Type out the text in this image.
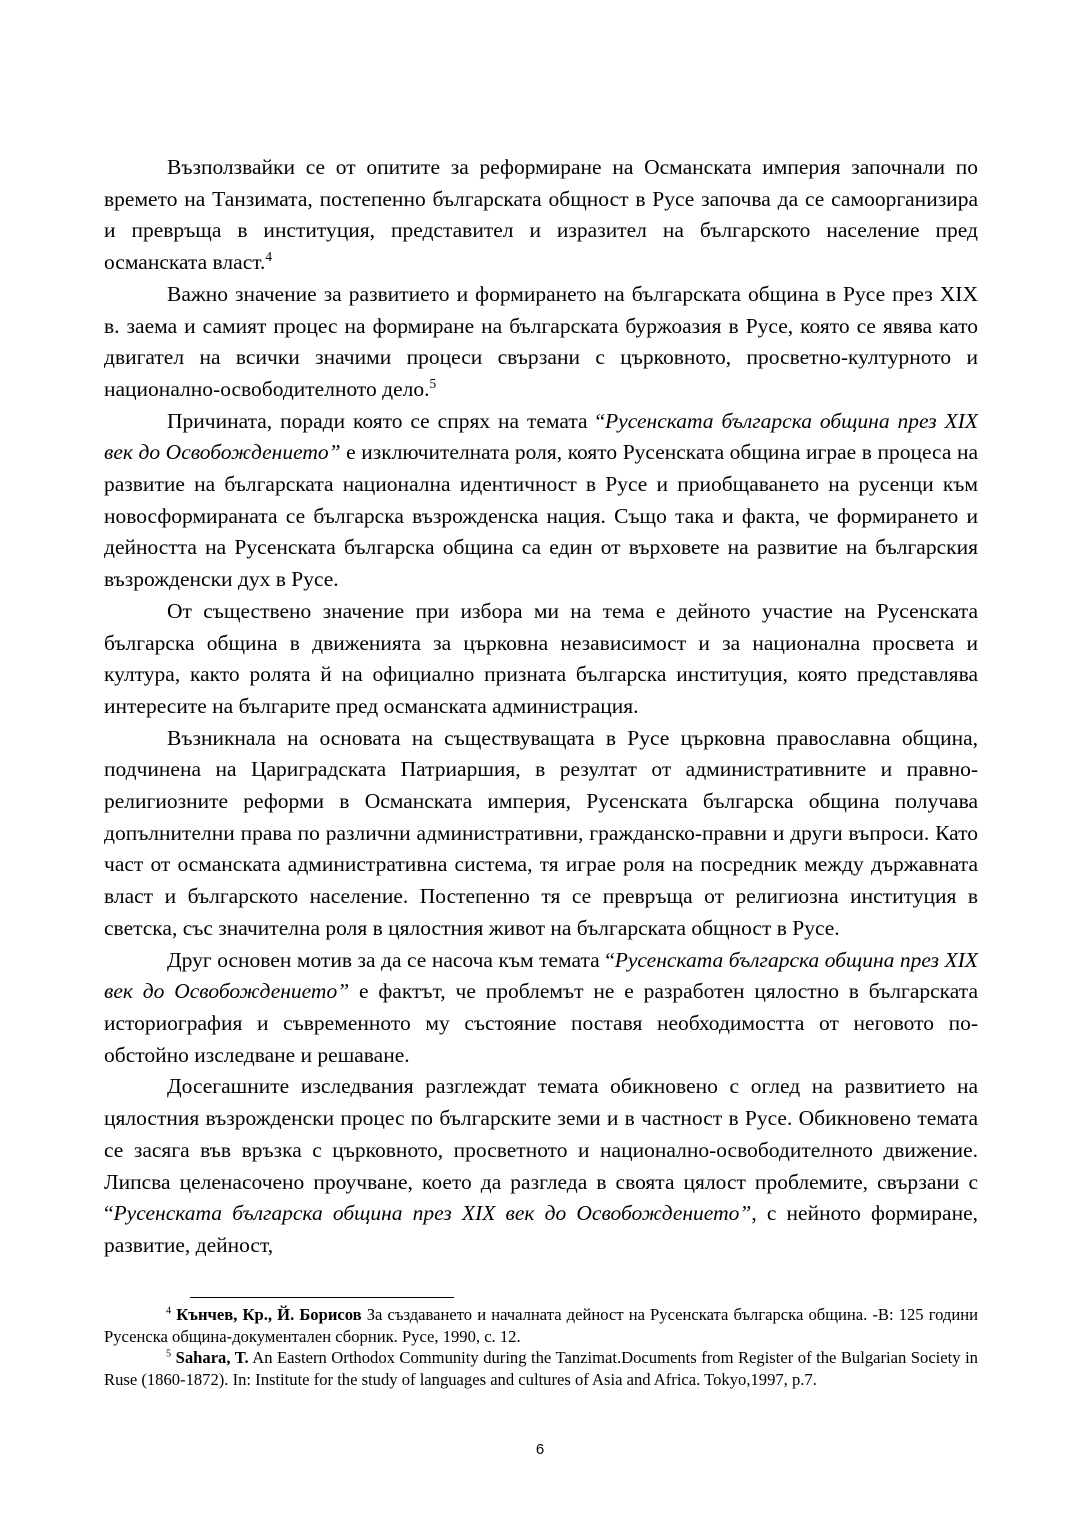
Възползвайки се от опитите за реформиране на Османската империя започнали по времето на Танзимата, постепенно българската общност в Русе започва да се самоорганизира и превръща в институция, представител и изразител на българското население пред османската власт.$^4$

Важно значение за развитието и формирането на българската община в Русе през XIX в. заема и самият процес на формиране на българската буржоазия в Русе, която се явява като двигател на всички значими процеси свързани с църковното, просветно-културното и национално-освободителното дело.$^5$

Причината, поради която се спрях на темата “Русенската българска община през XIX век до Освобождението” е изключителната роля, която Русенската община играе в процеса на развитие на българската национална идентичност в Русе и приобщаването на русенци към новосформираната се българска възрожденска нация. Също така и факта, че формирането и дейността на Русенската българска община са един от върховете на развитие на българския възрожденски дух в Русе.

От съществено значение при избора ми на тема е дейното участие на Русенската българска община в движенията за църковна независимост и за национална просвета и култура, както ролята й на официално призната българска институция, която представлява интересите на българите пред османската администрация.

Възникнала на основата на съществуващата в Русе църковна православна община, подчинена на Цариградската Патриаршия, в резултат от административните и правно-религиозните реформи в Османската империя, Русенската българска община получава допълнителни права по различни административни, гражданско-правни и други въпроси. Като част от османската административна система, тя играе роля на посредник между държавната власт и българското население. Постепенно тя се превръща от религиозна институция в светска, със значителна роля в цялостния живот на българската общност в Русе.

Друг основен мотив за да се насоча към темата “Русенската българска община през XIX век до Освобождението” е фактът, че проблемът не е разработен цялостно в българската историография и съвременното му състояние поставя необходимостта от неговото по-обстойно изследване и решаване.

Досегашните изследвания разглеждат темата обикновено с оглед на развитието на цялостния възрожденски процес по българските земи и в частност в Русе. Обикновено темата се засяга във връзка с църковното, просветното и национално-освободителното движение. Липсва целенасочено проучване, което да разгледа в своята цялост проблемите, свързани с “Русенската българска община през XIX век до Освобождението”, с нейното формиране, развитие, дейност,

$^4$ Кънчев, Кр., Й. Борисов За създаването и началната дейност на Русенската българска община. -В: 125 години Русенска община-документален сборник. Русе, 1990, с. 12.

$^5$ Sahara, T. An Eastern Orthodox Community during the Tanzimat.Documents from Register of the Bulgarian Society in Ruse (1860-1872). In: Institute for the study of languages and cultures of Asia and Africa. Tokyo,1997, p.7.

6
